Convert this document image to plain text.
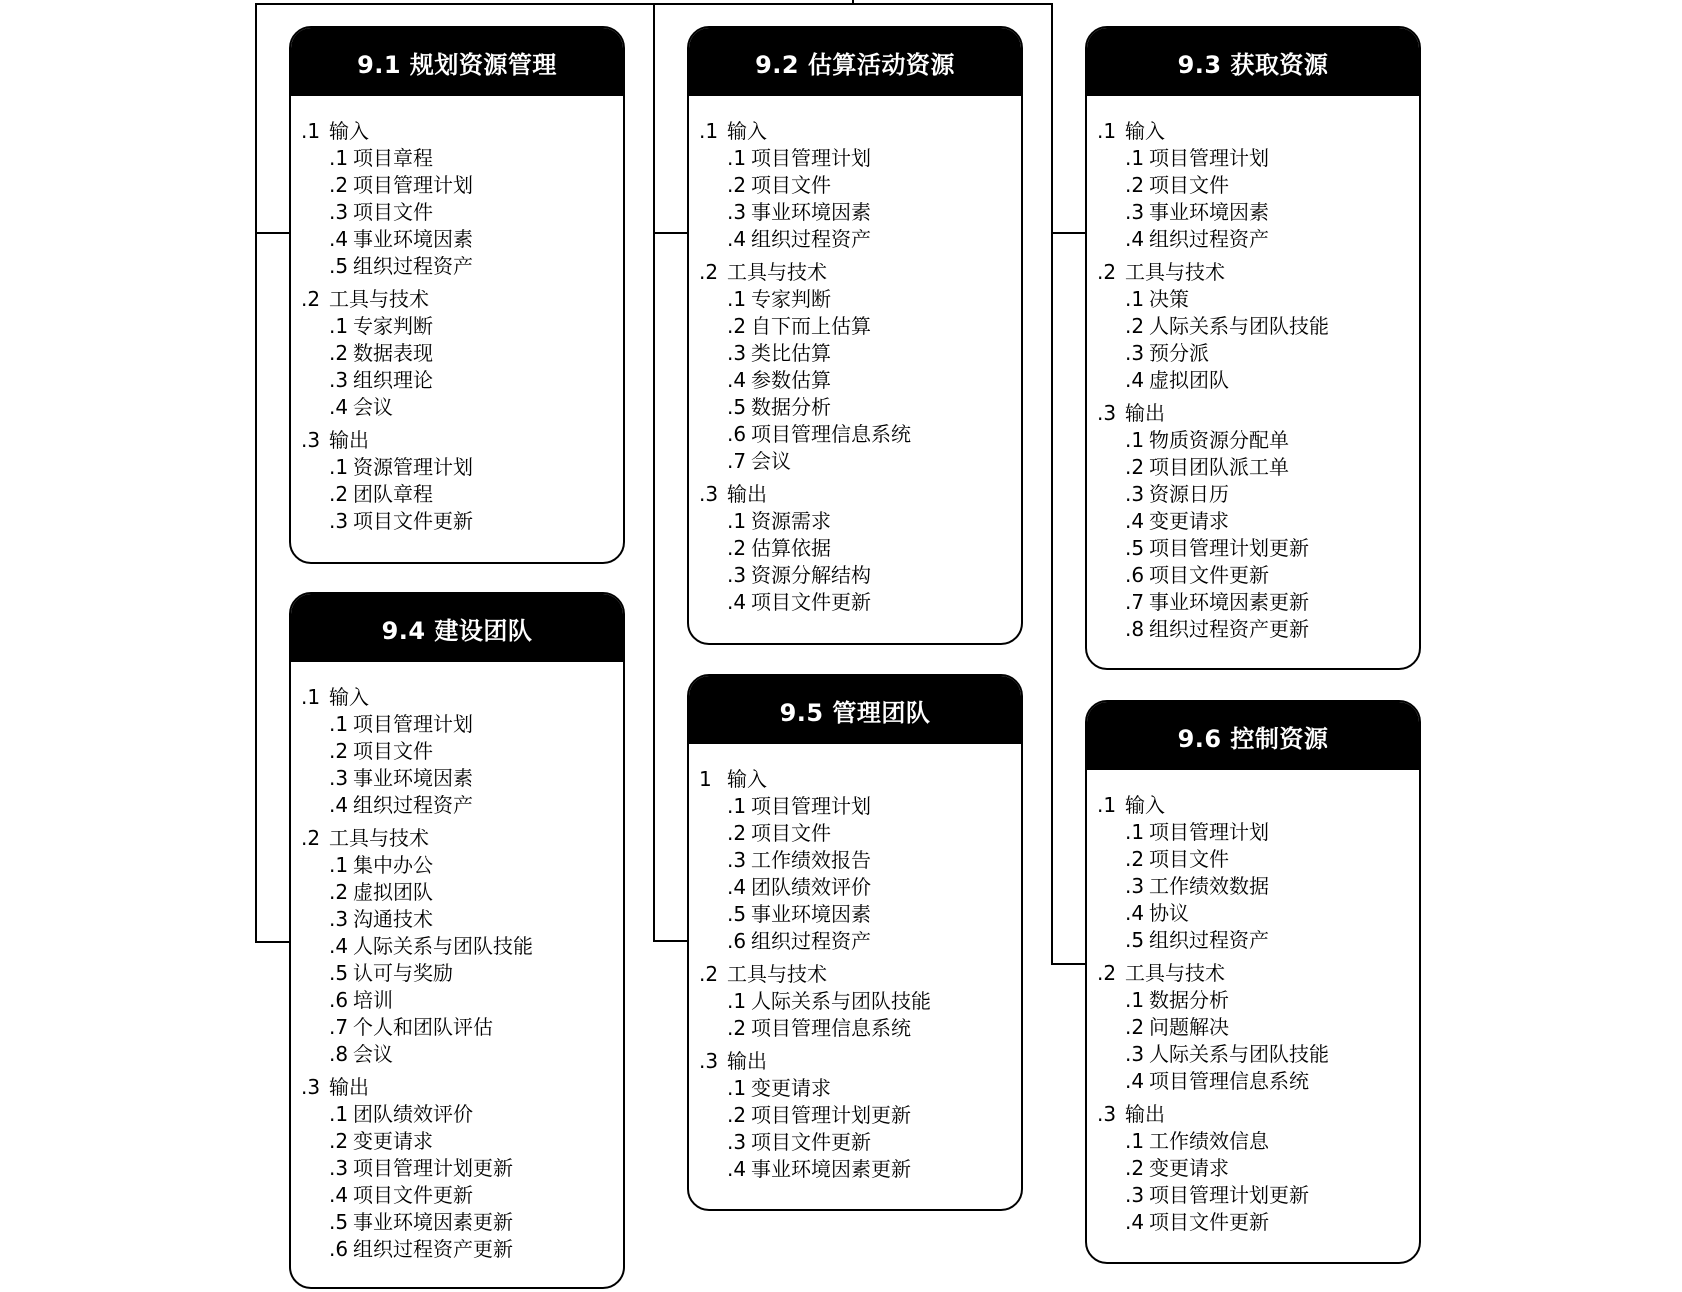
9.1 规划资源管理
.1 输入
.1 项目章程
.2 项目管理计划
.3 项目文件
.4 事业环境因素
.5 组织过程资产
.2 工具与技术
.1 专家判断
.2 数据表现
.3 组织理论
.4 会议
.3 输出
.1 资源管理计划
.2 团队章程
.3 项目文件更新
9.2 估算活动资源
.1 输入
.1 项目管理计划
.2 项目文件
.3 事业环境因素
.4 组织过程资产
.2 工具与技术
.1 专家判断
.2 自下而上估算
.3 类比估算
.4 参数估算
.5 数据分析
.6 项目管理信息系统
.7 会议
.3 输出
.1 资源需求
.2 估算依据
.3 资源分解结构
.4 项目文件更新
9.3 获取资源
.1 输入
.1 项目管理计划
.2 项目文件
.3 事业环境因素
.4 组织过程资产
.2 工具与技术
.1 决策
.2 人际关系与团队技能
.3 预分派
.4 虚拟团队
.3 输出
.1 物质资源分配单
.2 项目团队派工单
.3 资源日历
.4 变更请求
.5 项目管理计划更新
.6 项目文件更新
.7 事业环境因素更新
.8 组织过程资产更新
9.4 建设团队
.1 输入
.1 项目管理计划
.2 项目文件
.3 事业环境因素
.4 组织过程资产
.2 工具与技术
.1 集中办公
.2 虚拟团队
.3 沟通技术
.4 人际关系与团队技能
.5 认可与奖励
.6 培训
.7 个人和团队评估
.8 会议
.3 输出
.1 团队绩效评价
.2 变更请求
.3 项目管理计划更新
.4 项目文件更新
.5 事业环境因素更新
.6 组织过程资产更新
9.5 管理团队
1 输入
.1 项目管理计划
.2 项目文件
.3 工作绩效报告
.4 团队绩效评价
.5 事业环境因素
.6 组织过程资产
.2 工具与技术
.1 人际关系与团队技能
.2 项目管理信息系统
.3 输出
.1 变更请求
.2 项目管理计划更新
.3 项目文件更新
.4 事业环境因素更新
9.6 控制资源
.1 输入
.1 项目管理计划
.2 项目文件
.3 工作绩效数据
.4 协议
.5 组织过程资产
.2 工具与技术
.1 数据分析
.2 问题解决
.3 人际关系与团队技能
.4 项目管理信息系统
.3 输出
.1 工作绩效信息
.2 变更请求
.3 项目管理计划更新
.4 项目文件更新
